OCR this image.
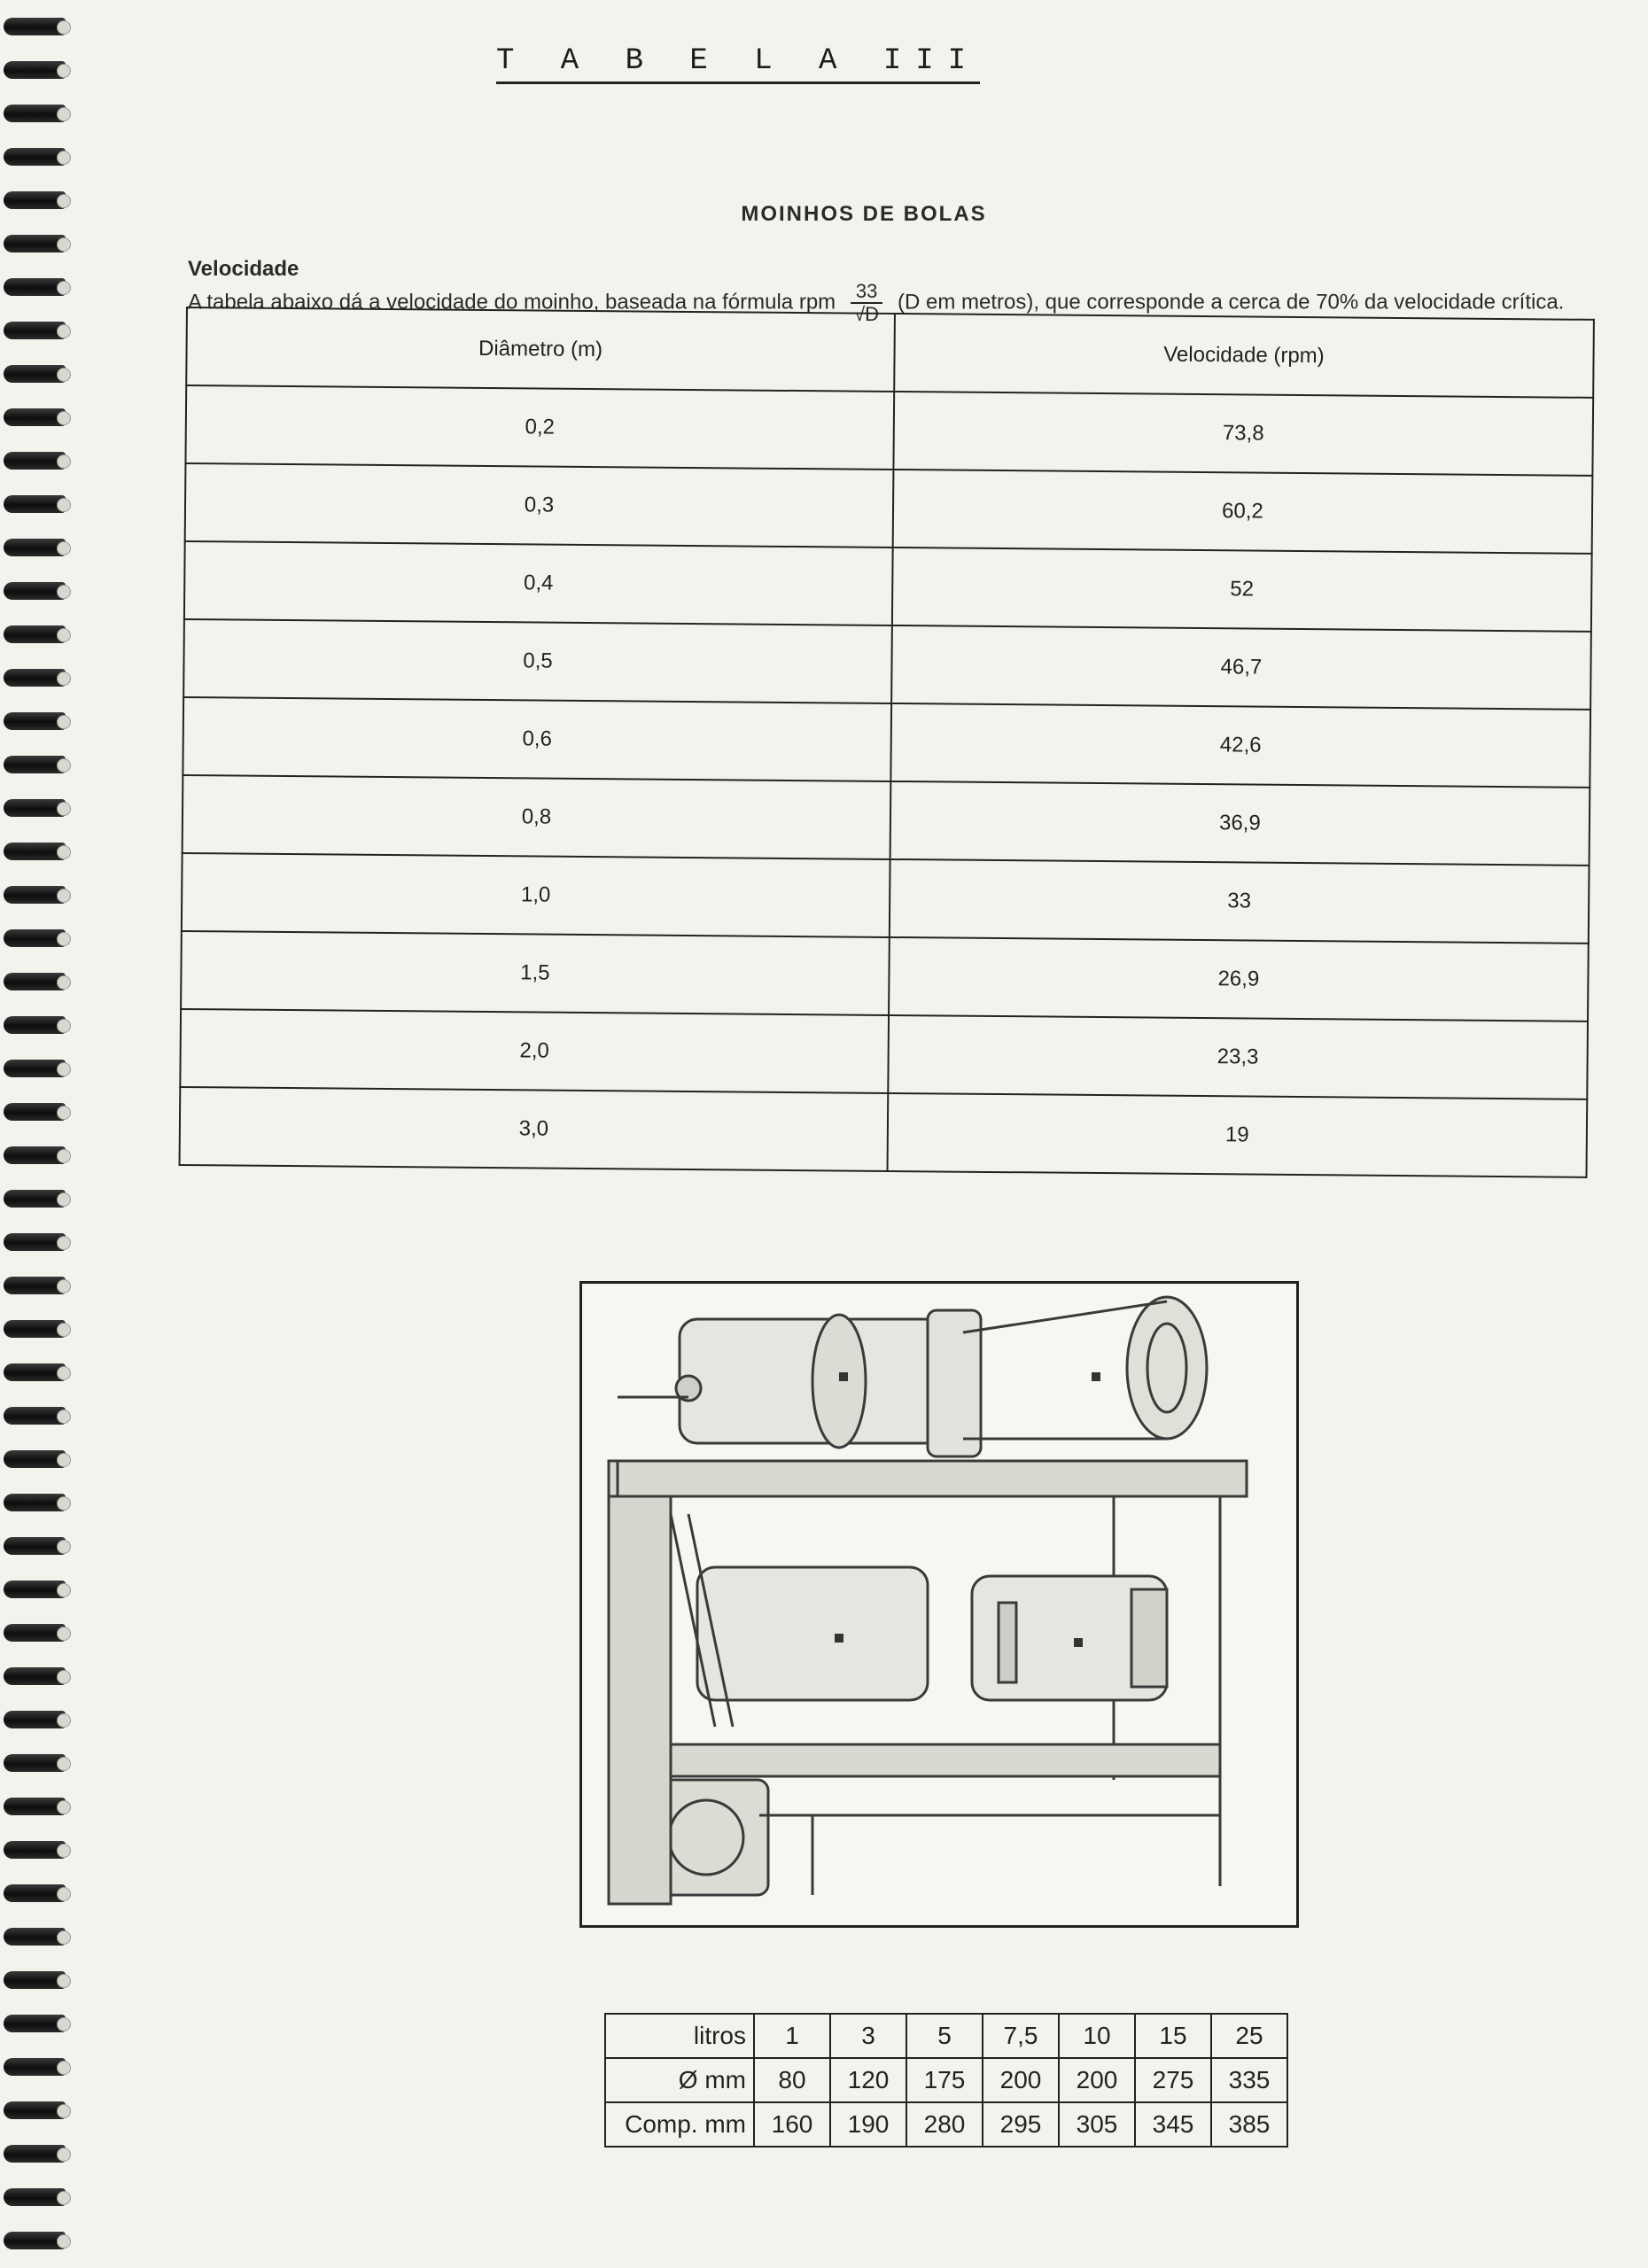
T A B E L A III
MOINHOS DE BOLAS
Velocidade
A tabela abaixo dá a velocidade do moinho, baseada na fórmula rpm $\frac{33}{√D} (D$ em metros), que corresponde a cerca de 70% da velocidade crítica.
Diâmetro (m)	Velocidade (rpm)
0,2	73,8
0,3	60,2
0,4	52
0,5	46,7
0,6	42,6
0,8	36,9
1,0	33
1,5	26,9
2,0	23,3
3,0	19
litros	1	3	5	7,5	10	15	25
Ø mm	80	120	175	200	200	275	335
Comp. mm	160	190	280	295	305	345	385
